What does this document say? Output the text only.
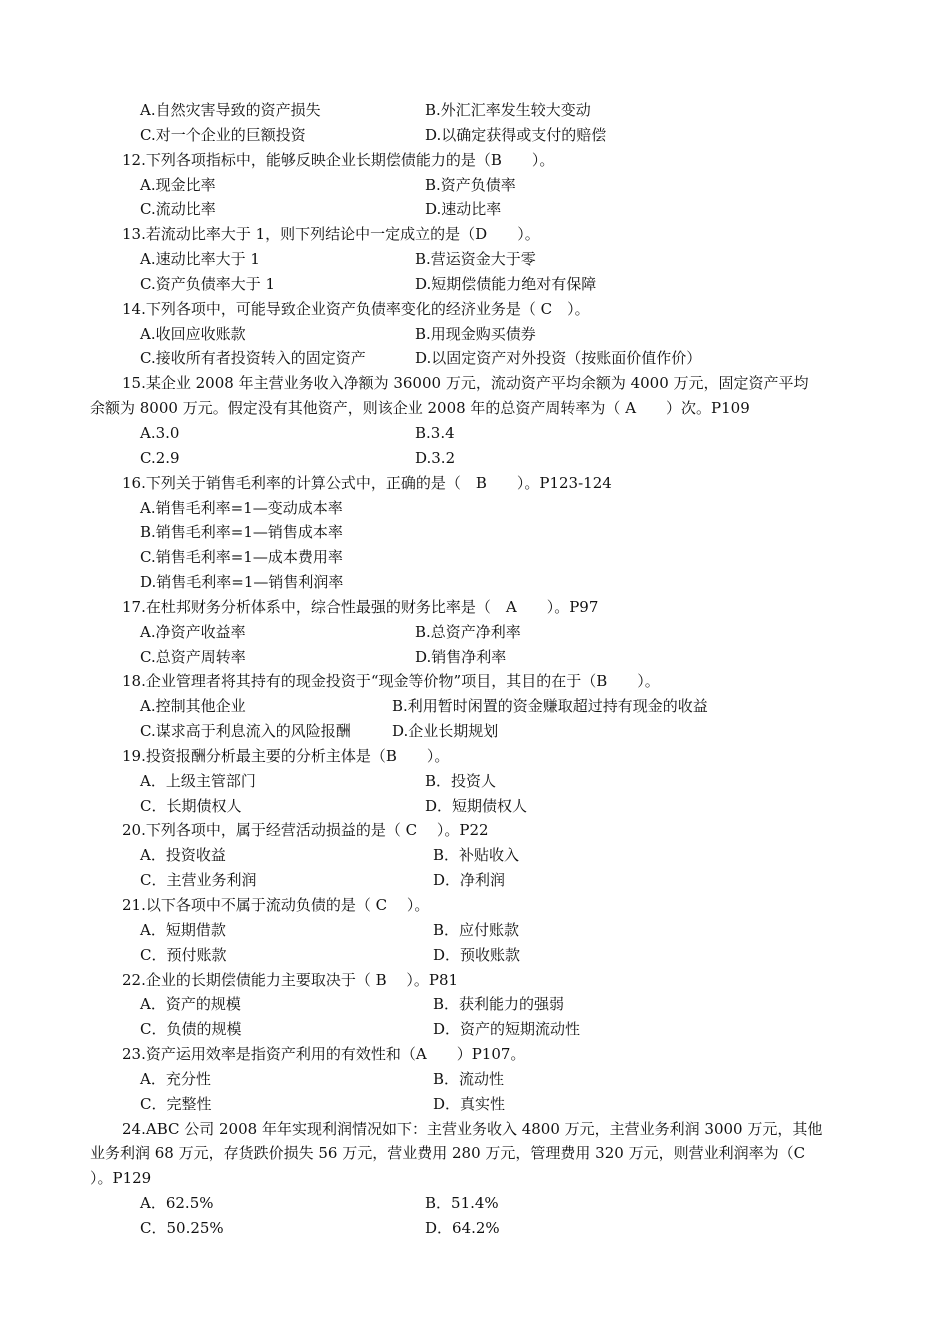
A.自然灾害导致的资产损失	B.外汇汇率发生较大变动
C.对一个企业的巨额投资	D.以确定获得或支付的赔偿
12.下列各项指标中，能够反映企业长期偿债能力的是（B　　）。
A.现金比率	B.资产负债率
C.流动比率	D.速动比率
13.若流动比率大于 1，则下列结论中一定成立的是（D　　）。
A.速动比率大于 1	B.营运资金大于零
C.资产负债率大于 1	D.短期偿债能力绝对有保障
14.下列各项中，可能导致企业资产负债率变化的经济业务是（ C　）。
A.收回应收账款	B.用现金购买债券
C.接收所有者投资转入的固定资产	D.以固定资产对外投资（按账面价值作价）
15.某企业 2008 年主营业务收入净额为 36000 万元，流动资产平均余额为 4000 万元，固定资产平均
余额为 8000 万元。假定没有其他资产，则该企业 2008 年的总资产周转率为（ A　　）次。P109
A.3.0	B.3.4
C.2.9	D.3.2
16.下列关于销售毛利率的计算公式中，正确的是（　B　　）。P123-124
A.销售毛利率=1—变动成本率
B.销售毛利率=1—销售成本率
C.销售毛利率=1—成本费用率
D.销售毛利率=1—销售利润率
17.在杜邦财务分析体系中，综合性最强的财务比率是（　A　　）。P97
A.净资产收益率	B.总资产净利率
C.总资产周转率	D.销售净利率
18.企业管理者将其持有的现金投资于“现金等价物”项目，其目的在于（B　　）。
A.控制其他企业	B.利用暂时闲置的资金赚取超过持有现金的收益
C.谋求高于利息流入的风险报酬	D.企业长期规划
19.投资报酬分析最主要的分析主体是（B　　）。
A．上级主管部门	B．投资人
C．长期债权人	D．短期债权人
20.下列各项中，属于经营活动损益的是（ C　 ）。P22
A．投资收益	B．补贴收入
C．主营业务利润	D．净利润
21.以下各项中不属于流动负债的是（ C　 ）。
A．短期借款	B．应付账款
C．预付账款	D．预收账款
22.企业的长期偿债能力主要取决于（ B　 ）。P81
A．资产的规模	B．获利能力的强弱
C．负债的规模	D．资产的短期流动性
23.资产运用效率是指资产利用的有效性和（A　　）P107。
A．充分性	B．流动性
C．完整性	D．真实性
24.ABC 公司 2008 年年实现利润情况如下：主营业务收入 4800 万元，主营业务利润 3000 万元，其他
业务利润 68 万元，存货跌价损失 56 万元，营业费用 280 万元，管理费用 320 万元，则营业利润率为（C
）。P129
A．62.5%	B．51.4%
C．50.25%	D．64.2%
